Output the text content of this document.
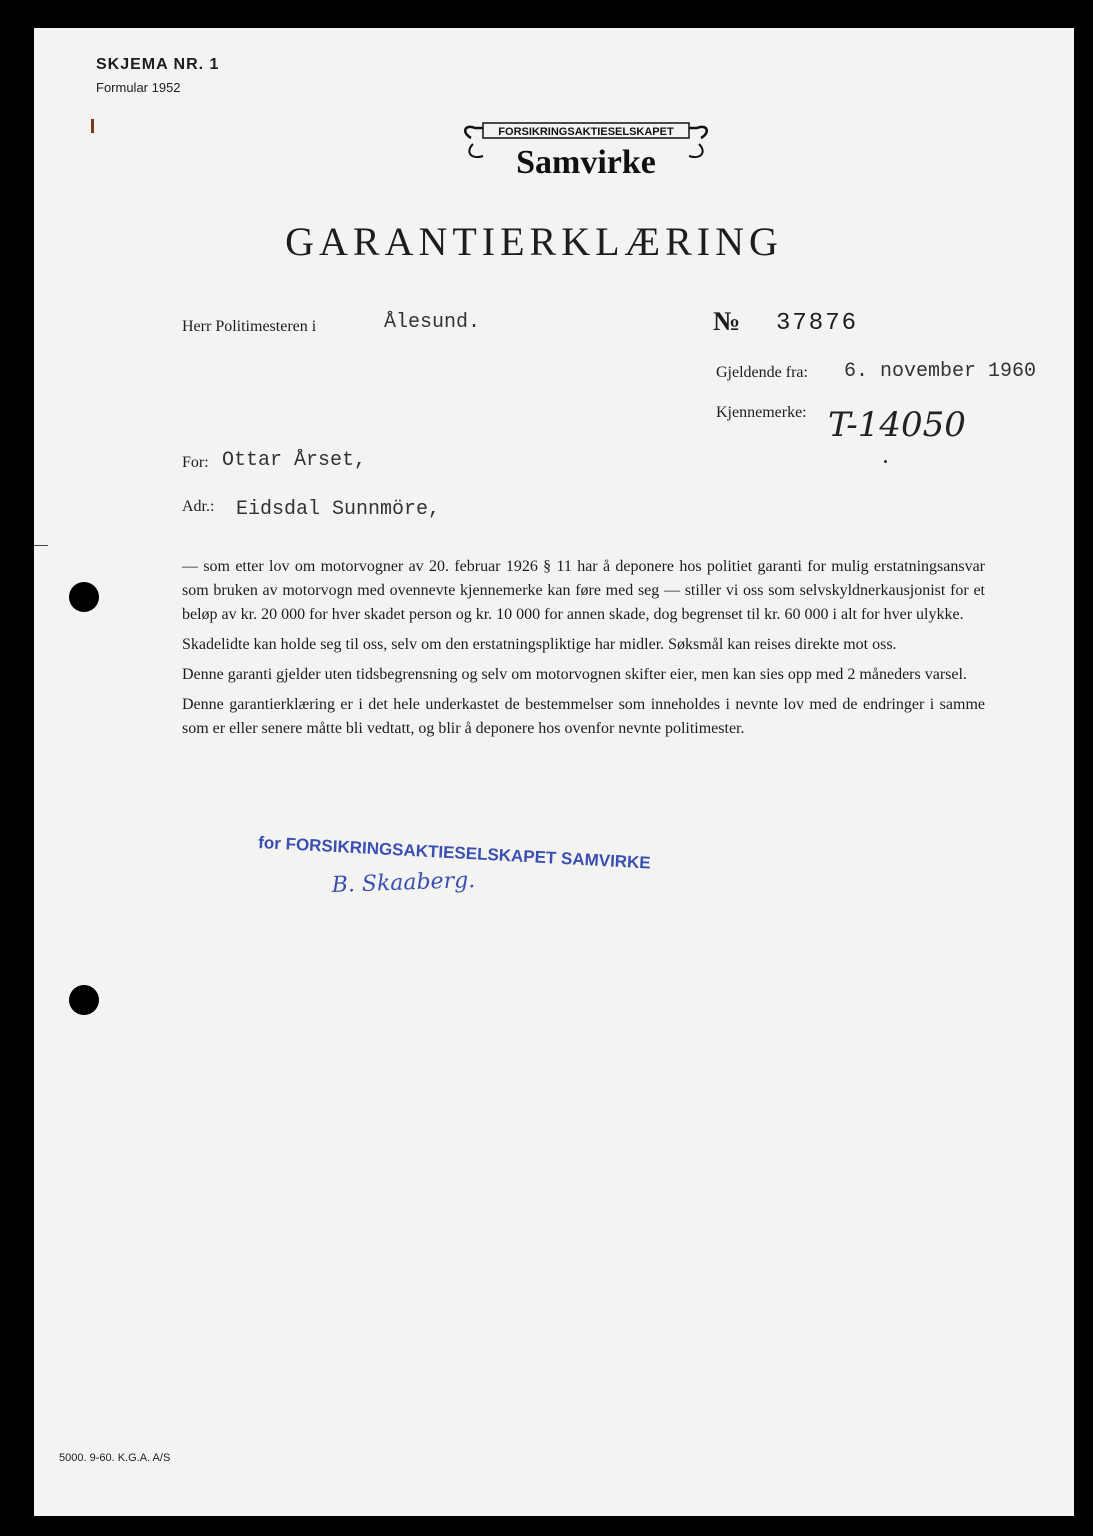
SKJEMA NR. 1
Formular 1952
FORSIKRINGSAKTIESELSKAPET
Samvirke
GARANTIERKLÆRING
Herr Politimesteren i	Ålesund.	№ 37876
Gjeldende fra: 6. november 1960
Kjennemerke: T-14050
For: Ottar Årset,
Adr.: Eidsdal Sunnmöre,

— som etter lov om motorvogner av 20. februar 1926 § 11 har å deponere hos politiet garanti for mulig erstatningsansvar som bruken av motorvogn med ovennevte kjennemerke kan føre med seg — stiller vi oss som selvskyldnerkausjonist for et beløp av kr. 20 000 for hver skadet person og kr. 10 000 for annen skade, dog begrenset til kr. 60 000 i alt for hver ulykke.

Skadelidte kan holde seg til oss, selv om den erstatningspliktige har midler. Søksmål kan reises direkte mot oss.

Denne garanti gjelder uten tidsbegrensning og selv om motorvognen skifter eier, men kan sies opp med 2 måneders varsel.

Denne garantierklæring er i det hele underkastet de bestemmelser som inneholdes i nevnte lov med de endringer i samme som er eller senere måtte bli vedtatt, og blir å deponere hos ovenfor nevnte politimester.

for FORSIKRINGSAKTIESELSKAPET SAMVIRKE
B. Skaaberg.
5000. 9-60. K.G.A. A/S
